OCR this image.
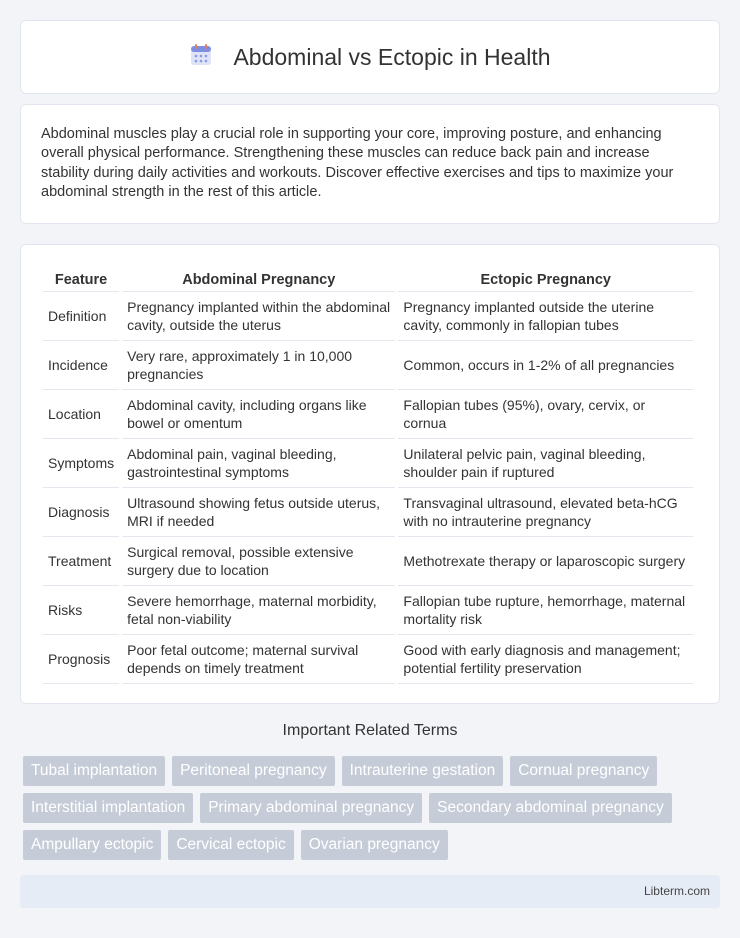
Abdominal vs Ectopic in Health

Abdominal muscles play a crucial role in supporting your core, improving posture, and enhancing overall physical performance. Strengthening these muscles can reduce back pain and increase stability during daily activities and workouts. Discover effective exercises and tips to maximize your abdominal strength in the rest of this article.

Feature	Abdominal Pregnancy	Ectopic Pregnancy
Definition	Pregnancy implanted within the abdominal cavity, outside the uterus	Pregnancy implanted outside the uterine cavity, commonly in fallopian tubes
Incidence	Very rare, approximately 1 in 10,000 pregnancies	Common, occurs in 1-2% of all pregnancies
Location	Abdominal cavity, including organs like bowel or omentum	Fallopian tubes (95%), ovary, cervix, or cornua
Symptoms	Abdominal pain, vaginal bleeding, gastrointestinal symptoms	Unilateral pelvic pain, vaginal bleeding, shoulder pain if ruptured
Diagnosis	Ultrasound showing fetus outside uterus, MRI if needed	Transvaginal ultrasound, elevated beta-hCG with no intrauterine pregnancy
Treatment	Surgical removal, possible extensive surgery due to location	Methotrexate therapy or laparoscopic surgery
Risks	Severe hemorrhage, maternal morbidity, fetal non-viability	Fallopian tube rupture, hemorrhage, maternal mortality risk
Prognosis	Poor fetal outcome; maternal survival depends on timely treatment	Good with early diagnosis and management; potential fertility preservation
Important Related Terms
Tubal implantation	Peritoneal pregnancy	Intrauterine gestation	Cornual pregnancy
Interstitial implantation	Primary abdominal pregnancy	Secondary abdominal pregnancy
Ampullary ectopic	Cervical ectopic	Ovarian pregnancy
Libterm.com
